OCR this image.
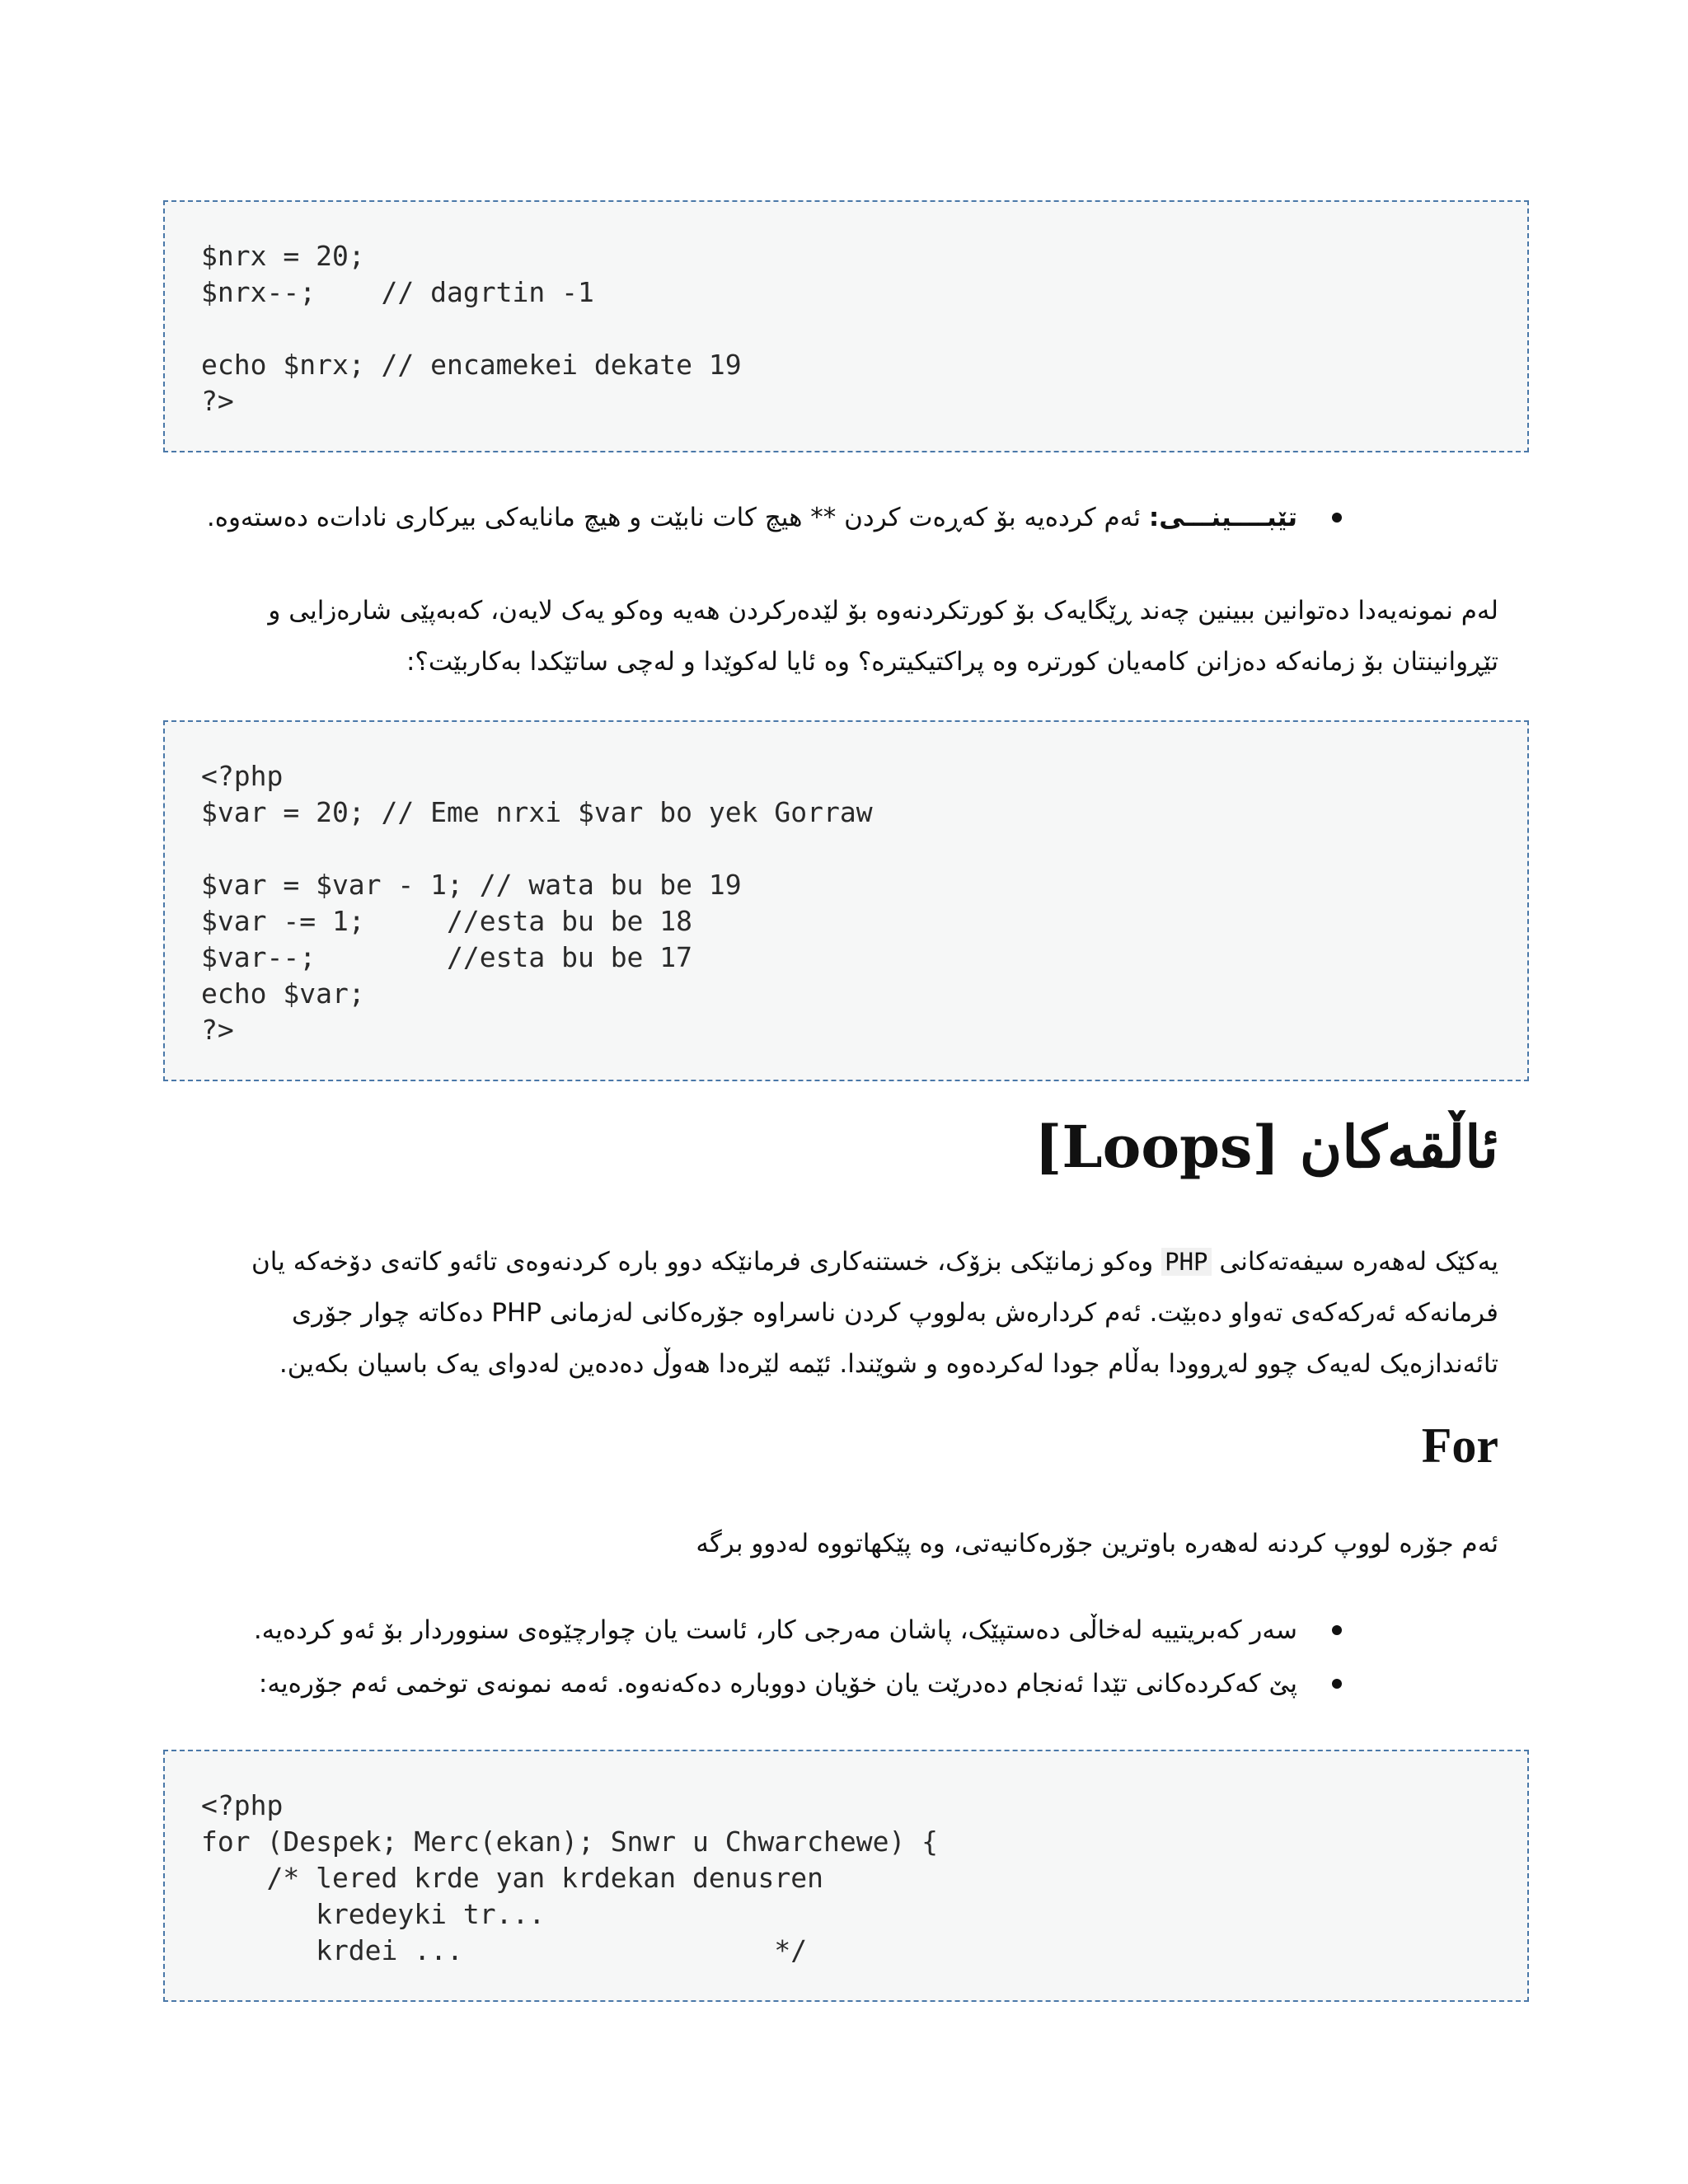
$nrx = 20;
$nrx--;    // dagrtin -1

echo $nrx; // encamekei dekate 19
?>
تێبــــینـــی: ئەم کردەیە بۆ کەڕەت کردن ** هیچ کات نابێت و هیچ مانایەکی بیرکاری نادات‌ە دەستەوە.
لەم نمونەیەدا دەتوانین ببینین چەند ڕێگایەک بۆ کورتکردنەوە بۆ لێدەرکردن هەیە وەکو یەک لایەن، کەبەپێی شارەزایی و تێڕوانینتان بۆ زمانەکە دەزانن کامەیان کورترە وە پراکتیکیترە؟ وە ئایا لەکوێدا و لەچی ساتێکدا بەکاربێت؟:
<?php
$var = 20; // Eme nrxi $var bo yek Gorraw

$var = $var - 1; // wata bu be 19
$var -= 1;     //esta bu be 18
$var--;        //esta bu be 17
echo $var;
?>
ئاڵقەکان [Loops]
یەکێک لەهەرە سیفەتەکانی PHP وەکو زمانێکی بزۆک، خستنەکاری فرمانێکە دوو بارە کردنەوەی تائەو کاتەی دۆخەکە یان فرمانەکە ئەرکەکەی تەواو دەبێت. ئەم کردارەش بەلووپ کردن ناسراوە جۆرەکانی لەزمانی PHP دەکاتە چوار جۆری تائەندازەیک لەیەک چوو لەڕوودا بەڵام جودا لەکردەوە و شوێندا. ئێمە لێرەدا هەوڵ دەدەین لەدوای یەک باسیان بکەین.
For
ئەم جۆرە لووپ کردنە لەهەرە باوترین جۆرەکانیەتی، وە پێکهاتووە لەدوو برگە
سەر کەبریتییە لەخاڵی دەستپێک، پاشان مەرجی کار، ئاست یان چوارچێوەی سنووردار بۆ ئەو کردەیە.
پێ کەکردەکانی تێدا ئەنجام دەدرێت یان خۆیان دووبارە دەکەنەوە. ئەمە نمونەی توخمی ئەم جۆرەیە:
<?php
for (Despek; Merc(ekan); Snwr u Chwarchewe) {
/* lered krde yan krdekan denusren
kredeyki tr...
krdei ...                   */
